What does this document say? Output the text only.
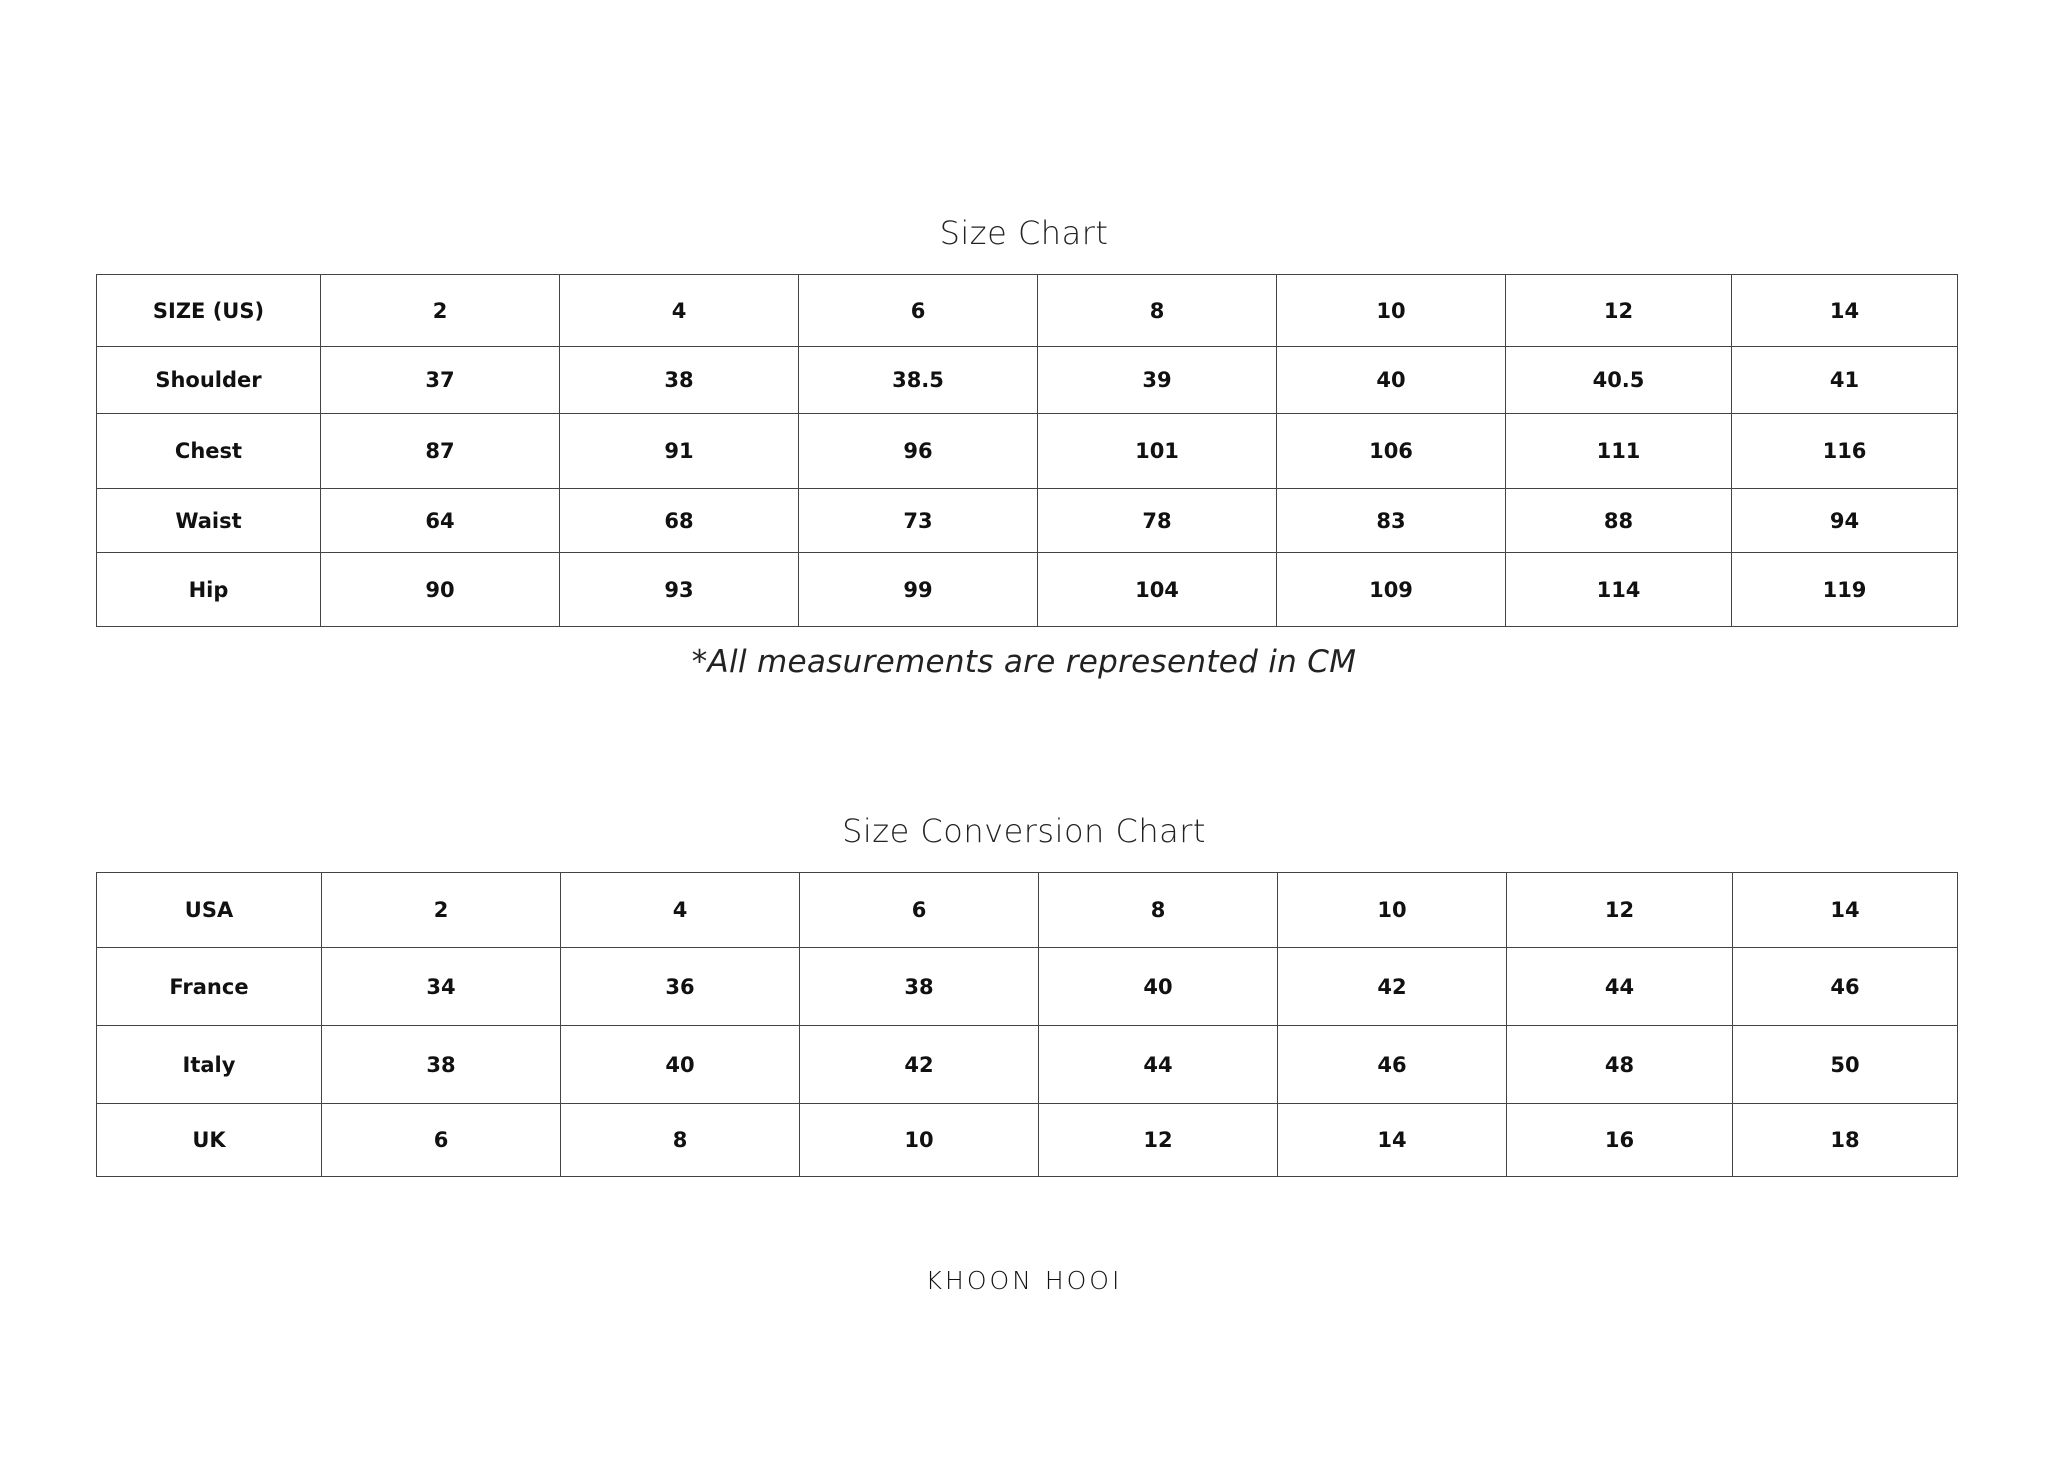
Size Chart
SIZE (US)	2	4	6	8	10	12	14
Shoulder	37	38	38.5	39	40	40.5	41
Chest	87	91	96	101	106	111	116
Waist	64	68	73	78	83	88	94
Hip	90	93	99	104	109	114	119
*All measurements are represented in CM
Size Conversion Chart
USA	2	4	6	8	10	12	14
France	34	36	38	40	42	44	46
Italy	38	40	42	44	46	48	50
UK	6	8	10	12	14	16	18
KHOON HOOI
